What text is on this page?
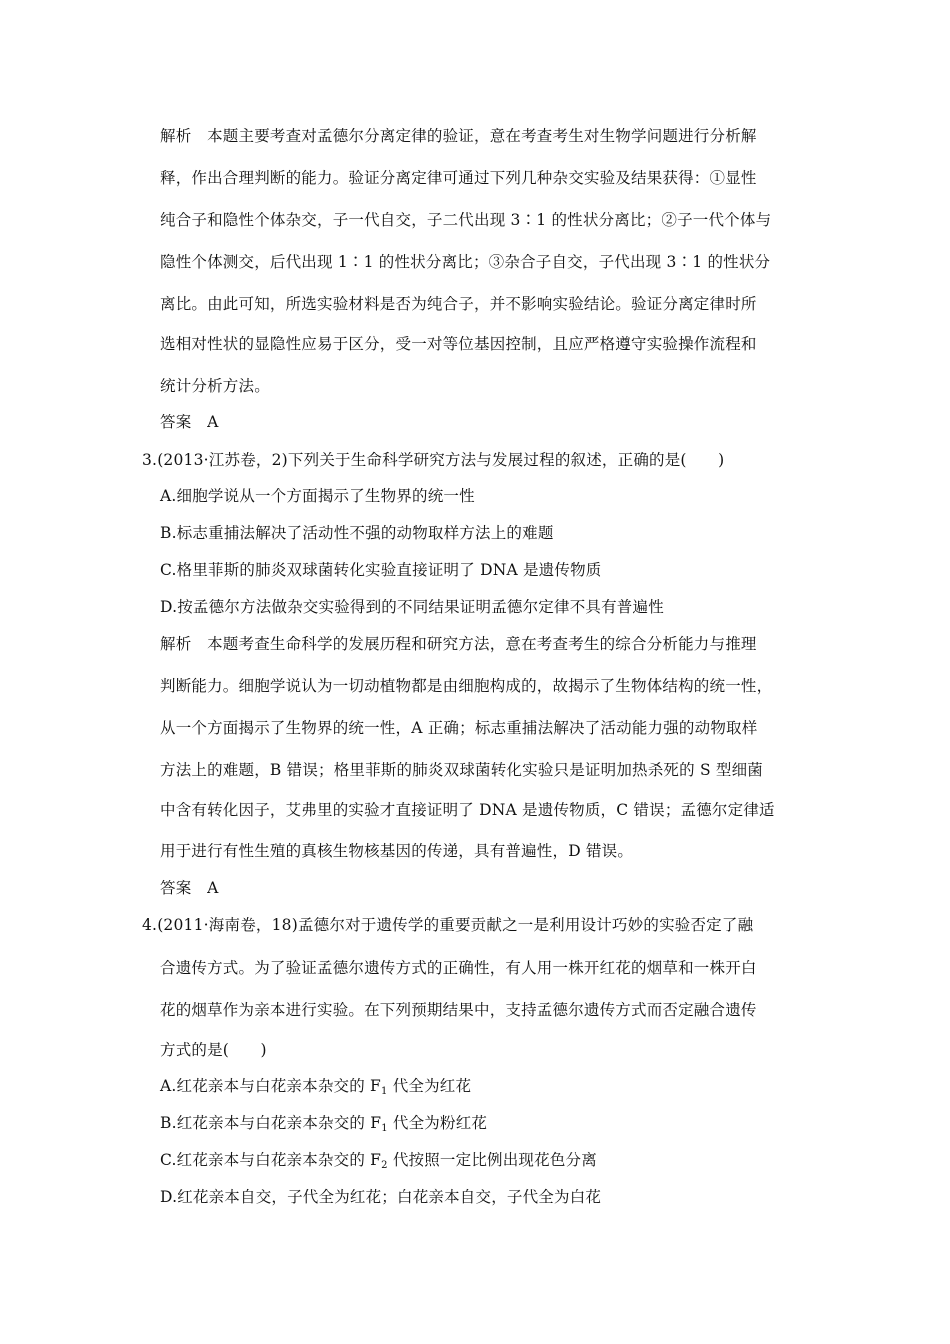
解析　本题主要考查对孟德尔分离定律的验证，意在考查考生对生物学问题进行分析解
释，作出合理判断的能力。验证分离定律可通过下列几种杂交实验及结果获得：①显性
纯合子和隐性个体杂交，子一代自交，子二代出现 3∶1 的性状分离比；②子一代个体与
隐性个体测交，后代出现 1∶1 的性状分离比；③杂合子自交，子代出现 3∶1 的性状分
离比。由此可知，所选实验材料是否为纯合子，并不影响实验结论。验证分离定律时所
选相对性状的显隐性应易于区分，受一对等位基因控制，且应严格遵守实验操作流程和
统计分析方法。
答案　A
3.(2013·江苏卷，2)下列关于生命科学研究方法与发展过程的叙述，正确的是(　　)
A.细胞学说从一个方面揭示了生物界的统一性
B.标志重捕法解决了活动性不强的动物取样方法上的难题
C.格里菲斯的肺炎双球菌转化实验直接证明了 DNA 是遗传物质
D.按孟德尔方法做杂交实验得到的不同结果证明孟德尔定律不具有普遍性
解析　本题考查生命科学的发展历程和研究方法，意在考查考生的综合分析能力与推理
判断能力。细胞学说认为一切动植物都是由细胞构成的，故揭示了生物体结构的统一性，
从一个方面揭示了生物界的统一性，A 正确；标志重捕法解决了活动能力强的动物取样
方法上的难题，B 错误；格里菲斯的肺炎双球菌转化实验只是证明加热杀死的 S 型细菌
中含有转化因子，艾弗里的实验才直接证明了 DNA 是遗传物质，C 错误；孟德尔定律适
用于进行有性生殖的真核生物核基因的传递，具有普遍性，D 错误。
答案　A
4.(2011·海南卷，18)孟德尔对于遗传学的重要贡献之一是利用设计巧妙的实验否定了融
合遗传方式。为了验证孟德尔遗传方式的正确性，有人用一株开红花的烟草和一株开白
花的烟草作为亲本进行实验。在下列预期结果中，支持孟德尔遗传方式而否定融合遗传
方式的是(　　)
A.红花亲本与白花亲本杂交的 $F_1$ 代全为红花
B.红花亲本与白花亲本杂交的 $F_1$ 代全为粉红花
C.红花亲本与白花亲本杂交的 $F_2$ 代按照一定比例出现花色分离
D.红花亲本自交，子代全为红花；白花亲本自交，子代全为白花
